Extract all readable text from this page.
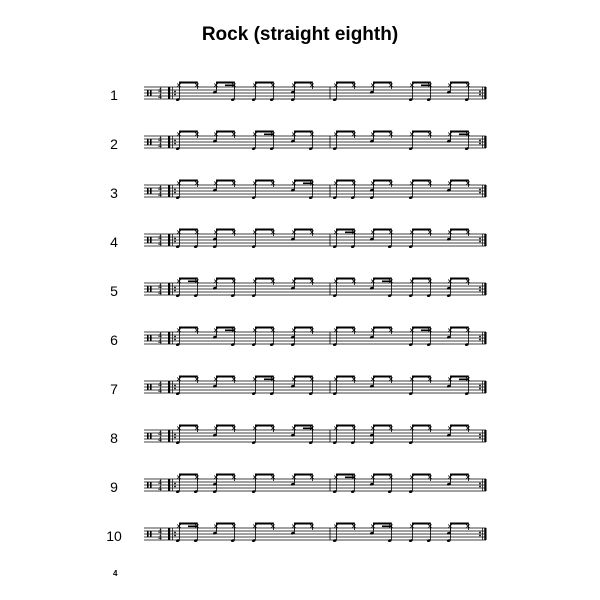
Rock (straight eighth)
1	4
4
2	4
4
3	4
4
4	4
4
5	4
4
6	4
4
7	4
4
8	4
4
9	4
4
10	4
4
4
